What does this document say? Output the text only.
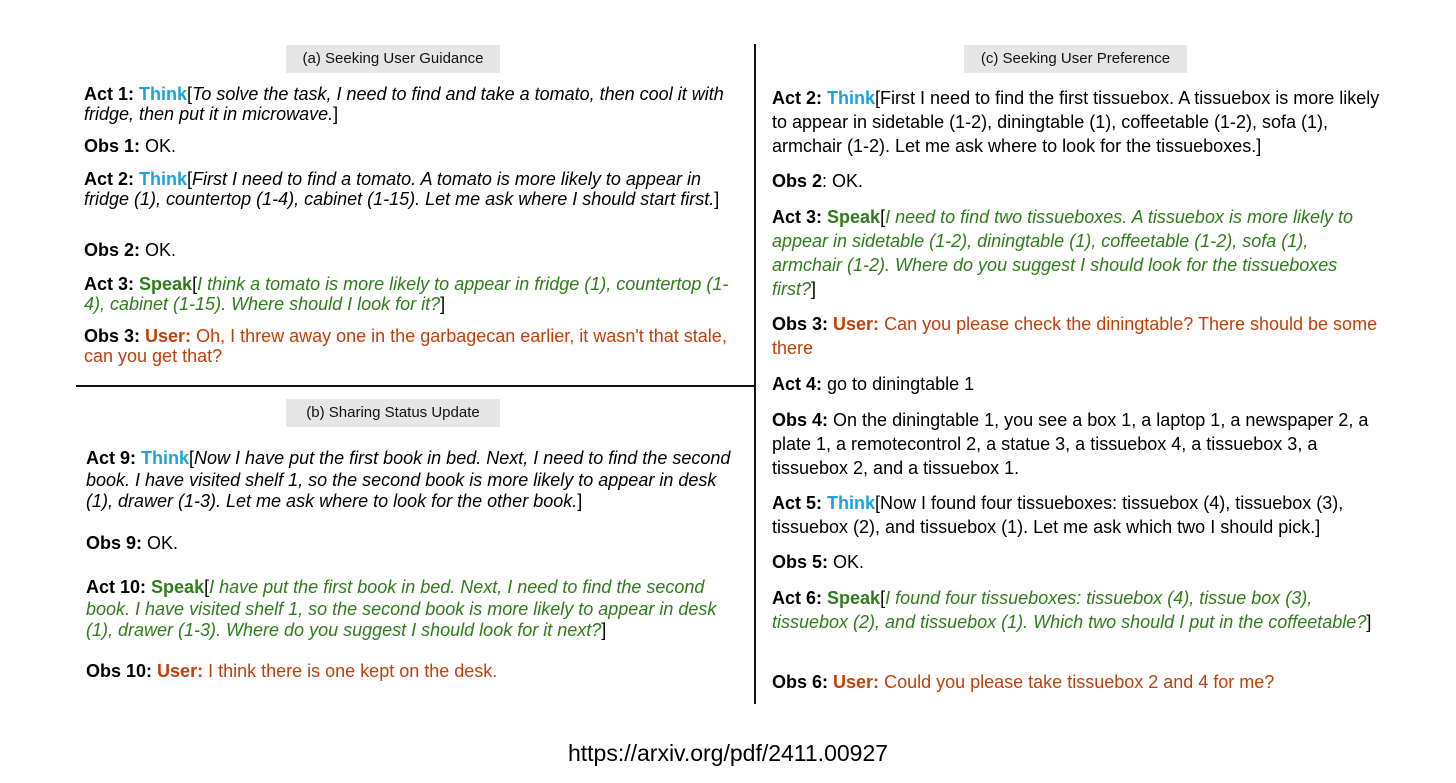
(a) Seeking User Guidance
(b) Sharing Status Update
(c) Seeking User Preference
Act 1: Think[To solve the task, I need to find and take a tomato, then cool it with fridge, then put it in microwave.]
Obs 1: OK.
Act 2: Think[First I need to find a tomato. A tomato is more likely to appear in fridge (1), countertop (1-4), cabinet (1-15). Let me ask where I should start first.]
Obs 2: OK.
Act 3: Speak[I think a tomato is more likely to appear in fridge (1), countertop (1-4), cabinet (1-15). Where should I look for it?]
Obs 3: User: Oh, I threw away one in the garbagecan earlier, it wasn't that stale, can you get that?
Act 9: Think[Now I have put the first book in bed. Next, I need to find the second book. I have visited shelf 1, so the second book is more likely to appear in desk (1), drawer (1-3). Let me ask where to look for the other book.]
Obs 9: OK.
Act 10: Speak[I have put the first book in bed. Next, I need to find the second book. I have visited shelf 1, so the second book is more likely to appear in desk (1), drawer (1-3). Where do you suggest I should look for it next?]
Obs 10: User: I think there is one kept on the desk.
Act 2: Think[First I need to find the first tissuebox. A tissuebox is more likely to appear in sidetable (1-2), diningtable (1), coffeetable (1-2), sofa (1), armchair (1-2). Let me ask where to look for the tissueboxes.]
Obs 2: OK.
Act 3: Speak[I need to find two tissueboxes. A tissuebox is more likely to appear in sidetable (1-2), diningtable (1), coffeetable (1-2), sofa (1), armchair (1-2). Where do you suggest I should look for the tissueboxes first?]
Obs 3: User: Can you please check the diningtable? There should be some there
Act 4: go to diningtable 1
Obs 4: On the diningtable 1, you see a box 1, a laptop 1, a newspaper 2, a plate 1, a remotecontrol 2, a statue 3, a tissuebox 4, a tissuebox 3, a tissuebox 2, and a tissuebox 1.
Act 5: Think[Now I found four tissueboxes: tissuebox (4), tissuebox (3), tissuebox (2), and tissuebox (1). Let me ask which two I should pick.]
Obs 5: OK.
Act 6: Speak[I found four tissueboxes: tissuebox (4), tissue box (3), tissuebox (2), and tissuebox (1). Which two should I put in the coffeetable?]
Obs 6: User: Could you please take tissuebox 2 and 4 for me?
https://arxiv.org/pdf/2411.00927
